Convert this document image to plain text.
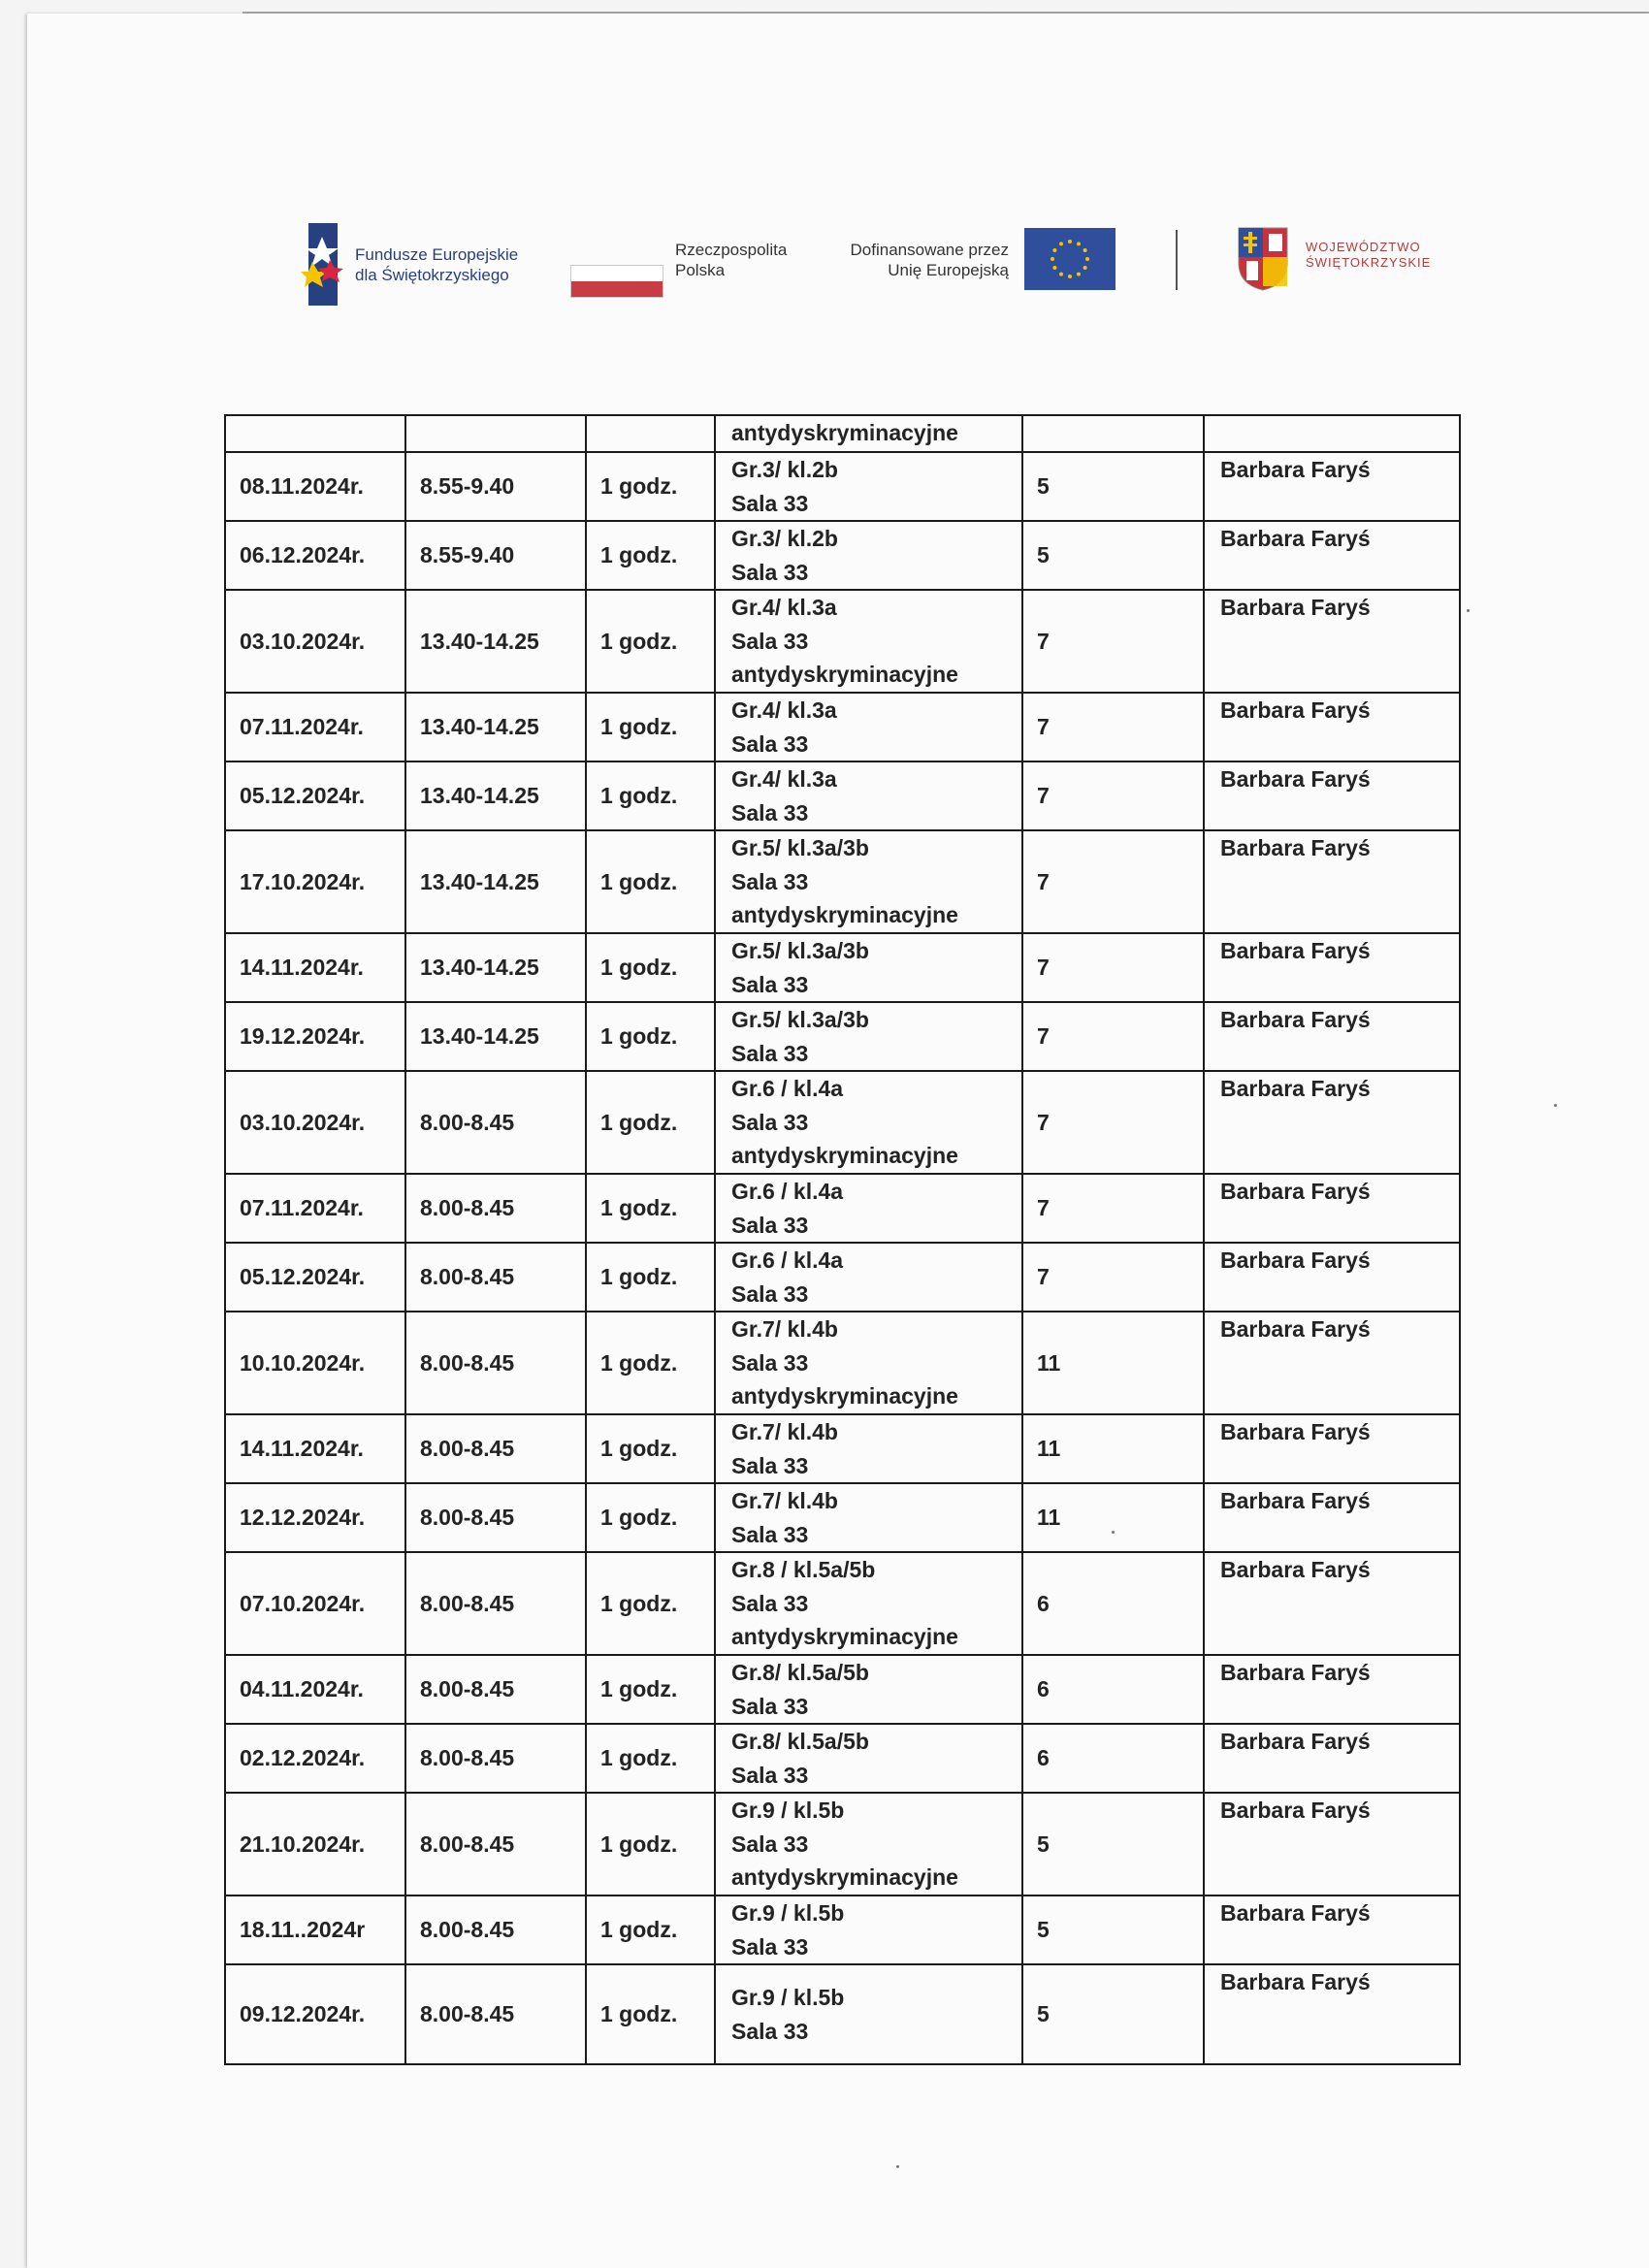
Fundusze Europejskie
dla Świętokrzyskiego
Rzeczpospolita
Polska
Dofinansowane przez
Unię Europejską
WOJEWÓDZTWO
ŚWIĘTOKRZYSKIE
			antydyskryminacyjne		
08.11.2024r.	8.55-9.40	1 godz.	Gr.3/ kl.2b
Sala 33	5	Barbara Faryś
06.12.2024r.	8.55-9.40	1 godz.	Gr.3/ kl.2b
Sala 33	5	Barbara Faryś
03.10.2024r.	13.40-14.25	1 godz.	Gr.4/ kl.3a
Sala 33
antydyskryminacyjne	7	Barbara Faryś
07.11.2024r.	13.40-14.25	1 godz.	Gr.4/ kl.3a
Sala 33	7	Barbara Faryś
05.12.2024r.	13.40-14.25	1 godz.	Gr.4/ kl.3a
Sala 33	7	Barbara Faryś
17.10.2024r.	13.40-14.25	1 godz.	Gr.5/ kl.3a/3b
Sala 33
antydyskryminacyjne	7	Barbara Faryś
14.11.2024r.	13.40-14.25	1 godz.	Gr.5/ kl.3a/3b
Sala 33	7	Barbara Faryś
19.12.2024r.	13.40-14.25	1 godz.	Gr.5/ kl.3a/3b
Sala 33	7	Barbara Faryś
03.10.2024r.	8.00-8.45	1 godz.	Gr.6 / kl.4a
Sala 33
antydyskryminacyjne	7	Barbara Faryś
07.11.2024r.	8.00-8.45	1 godz.	Gr.6 / kl.4a
Sala 33	7	Barbara Faryś
05.12.2024r.	8.00-8.45	1 godz.	Gr.6 / kl.4a
Sala 33	7	Barbara Faryś
10.10.2024r.	8.00-8.45	1 godz.	Gr.7/ kl.4b
Sala 33
antydyskryminacyjne	11	Barbara Faryś
14.11.2024r.	8.00-8.45	1 godz.	Gr.7/ kl.4b
Sala 33	11	Barbara Faryś
12.12.2024r.	8.00-8.45	1 godz.	Gr.7/ kl.4b
Sala 33	11	Barbara Faryś
07.10.2024r.	8.00-8.45	1 godz.	Gr.8 / kl.5a/5b
Sala 33
antydyskryminacyjne	6	Barbara Faryś
04.11.2024r.	8.00-8.45	1 godz.	Gr.8/ kl.5a/5b
Sala 33	6	Barbara Faryś
02.12.2024r.	8.00-8.45	1 godz.	Gr.8/ kl.5a/5b
Sala 33	6	Barbara Faryś
21.10.2024r.	8.00-8.45	1 godz.	Gr.9 / kl.5b
Sala 33
antydyskryminacyjne	5	Barbara Faryś
18.11..2024r	8.00-8.45	1 godz.	Gr.9 / kl.5b
Sala 33	5	Barbara Faryś
09.12.2024r.	8.00-8.45	1 godz.	Gr.9 / kl.5b
Sala 33	5	Barbara Faryś
